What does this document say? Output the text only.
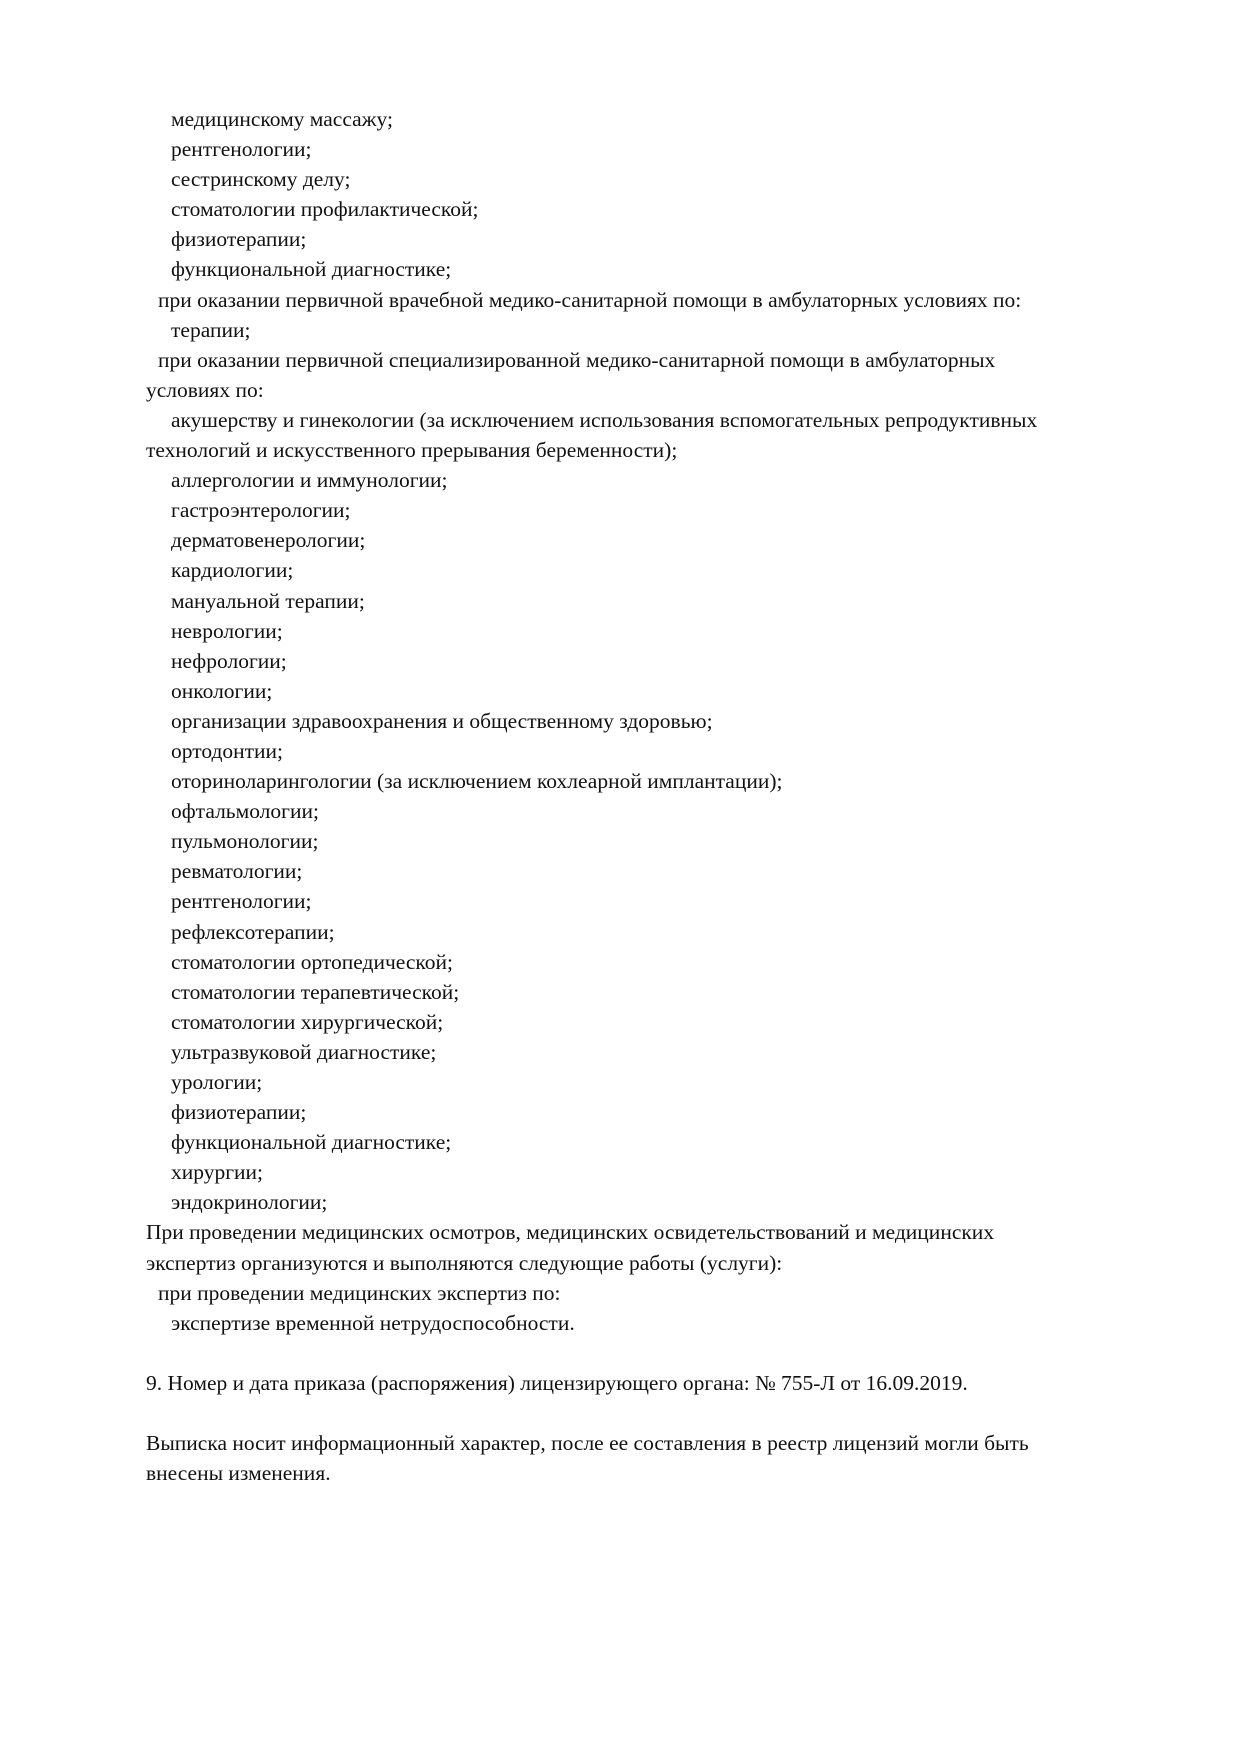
медицинскому массажу;

рентгенологии;

сестринскому делу;

стоматологии профилактической;

физиотерапии;

функциональной диагностике;

при оказании первичной врачебной медико-санитарной помощи в амбулаторных условиях по:

терапии;

при оказании первичной специализированной медико-санитарной помощи в амбулаторных

условиях по:

акушерству и гинекологии (за исключением использования вспомогательных репродуктивных

технологий и искусственного прерывания беременности);

аллергологии и иммунологии;

гастроэнтерологии;

дерматовенерологии;

кардиологии;

мануальной терапии;

неврологии;

нефрологии;

онкологии;

организации здравоохранения и общественному здоровью;

ортодонтии;

оториноларингологии (за исключением кохлеарной имплантации);

офтальмологии;

пульмонологии;

ревматологии;

рентгенологии;

рефлексотерапии;

стоматологии ортопедической;

стоматологии терапевтической;

стоматологии хирургической;

ультразвуковой диагностике;

урологии;

физиотерапии;

функциональной диагностике;

хирургии;

эндокринологии;

При проведении медицинских осмотров, медицинских освидетельствований и медицинских

экспертиз организуются и выполняются следующие работы (услуги):

при проведении медицинских экспертиз по:

экспертизе временной нетрудоспособности.

9. Номер и дата приказа (распоряжения) лицензирующего органа: № 755-Л от 16.09.2019.

Выписка носит информационный характер, после ее составления в реестр лицензий могли быть

внесены изменения.
